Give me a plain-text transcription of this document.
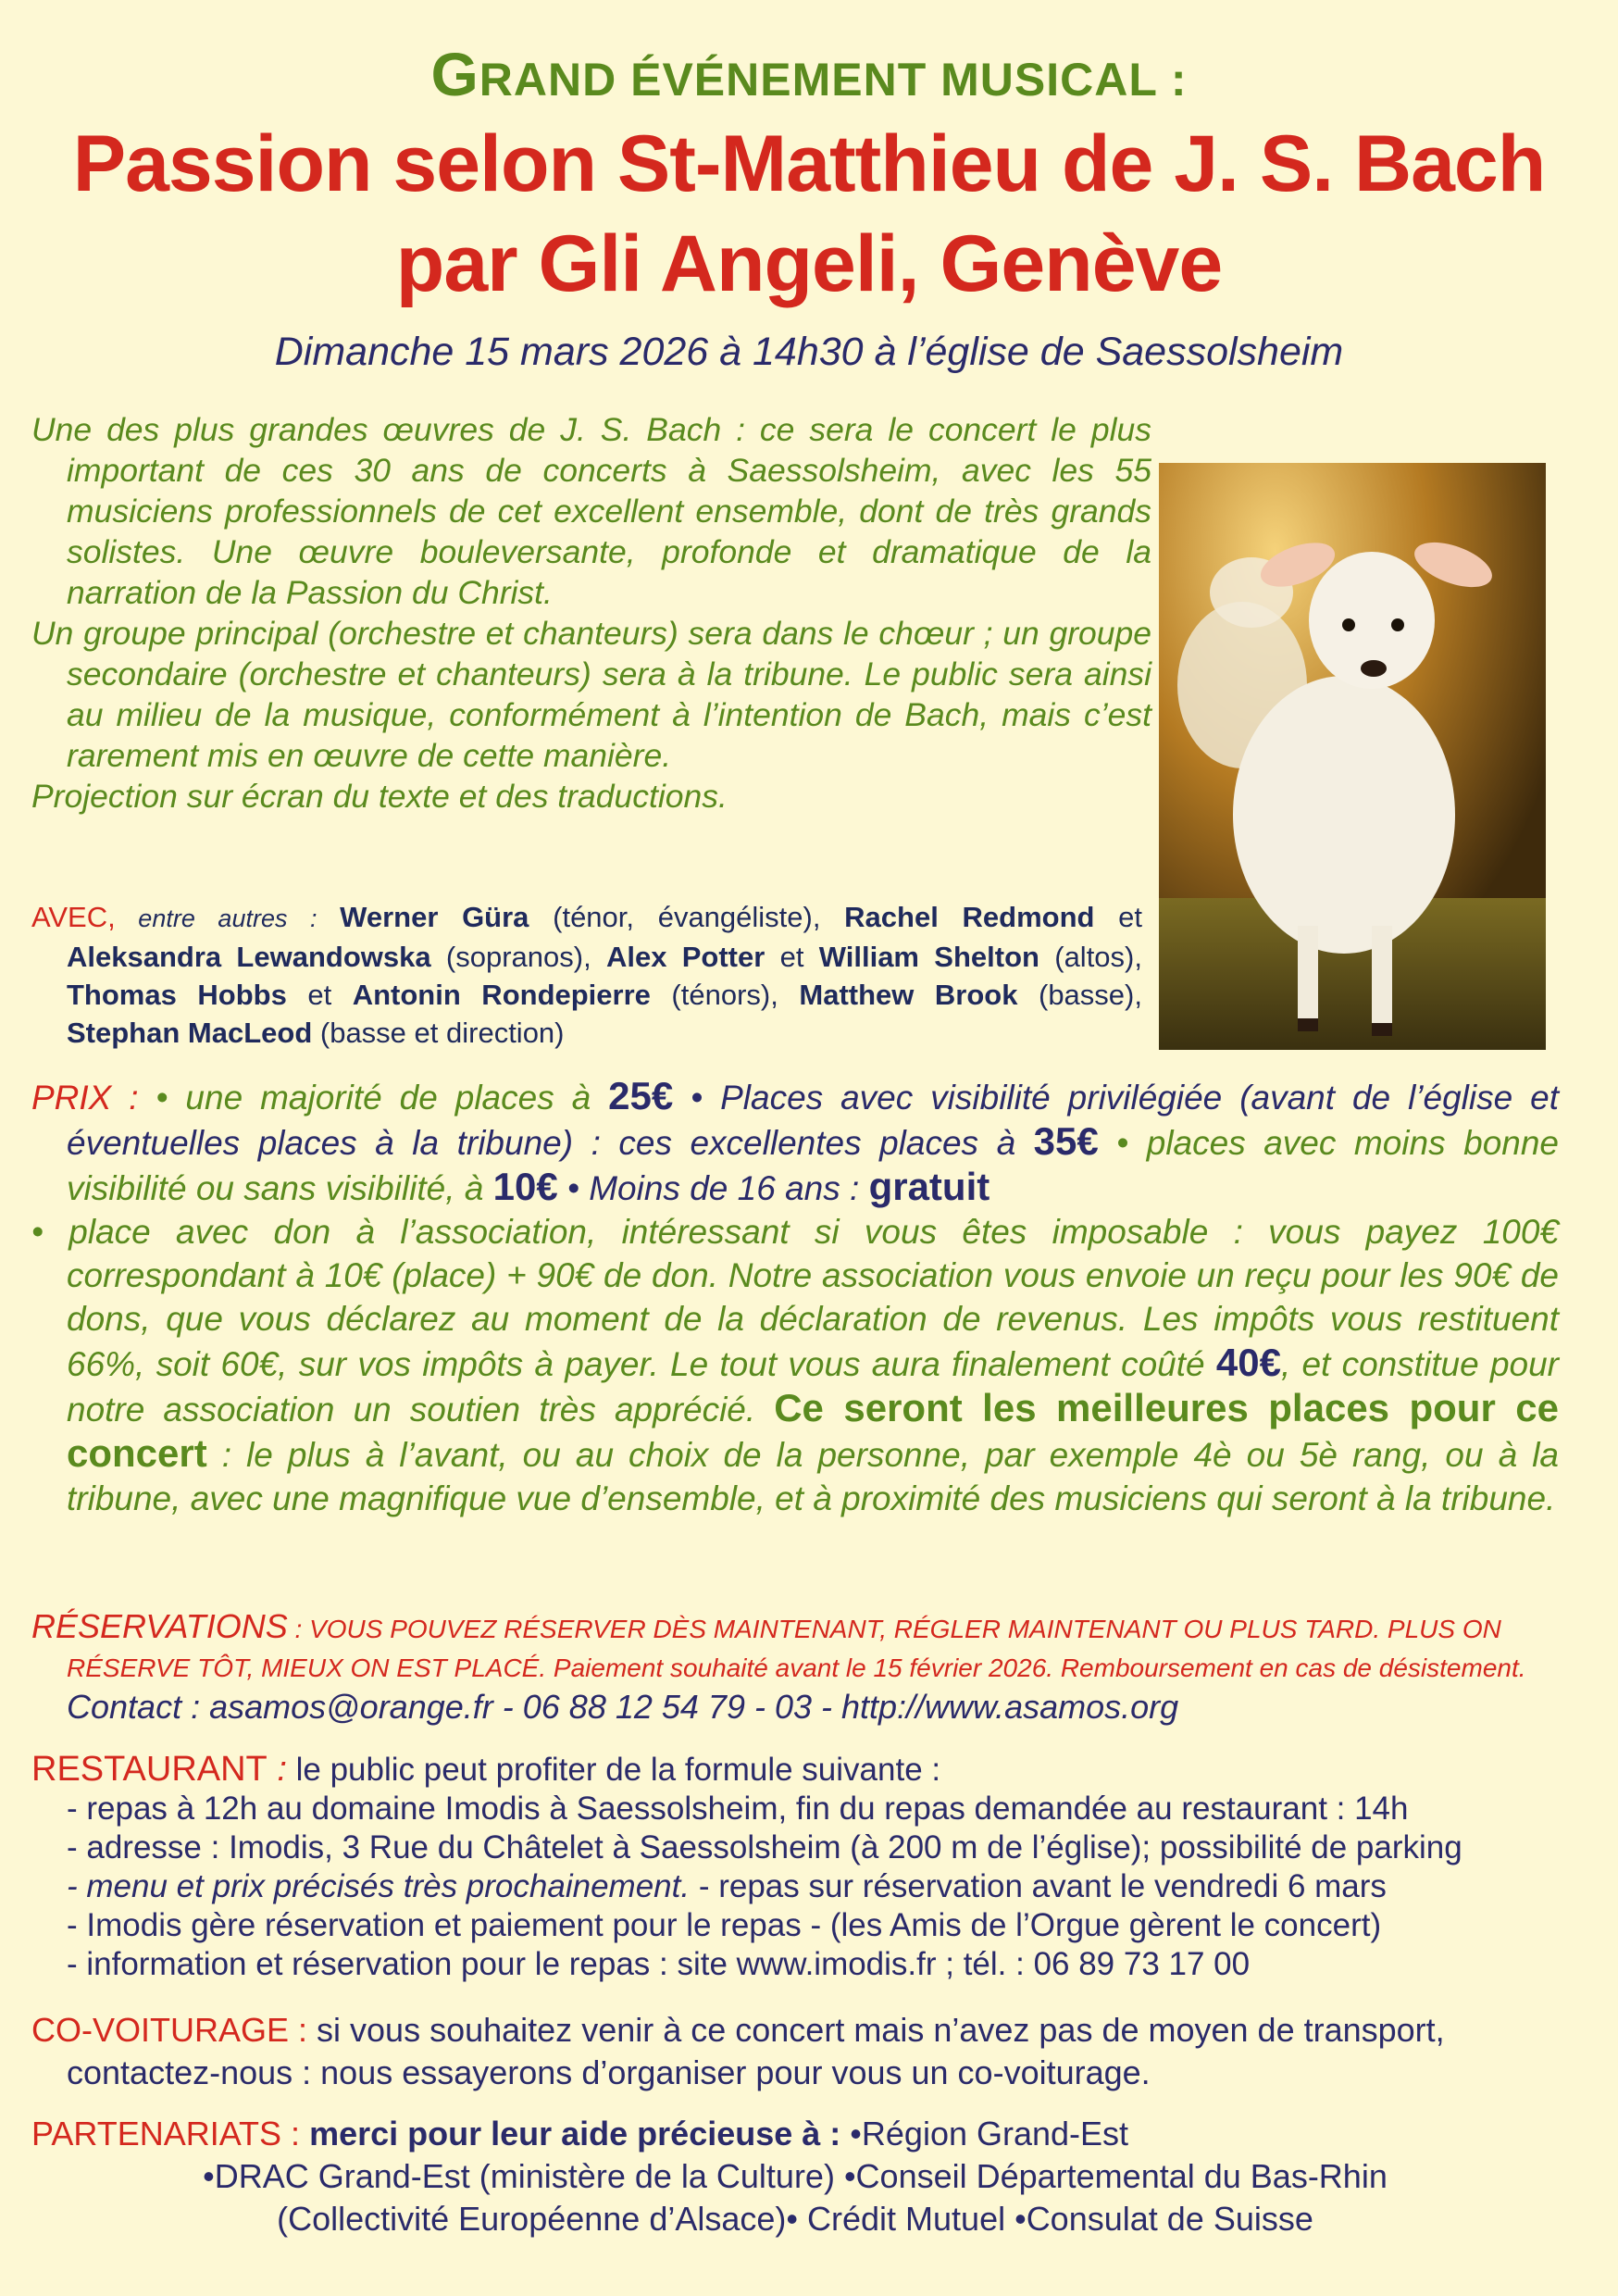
GRAND ÉVÉNEMENT MUSICAL :
Passion selon St-Matthieu de J. S. Bach
par Gli Angeli, Genève
Dimanche 15 mars 2026 à 14h30 à l’église de Saessolsheim

Une des plus grandes œuvres de J. S. Bach : ce sera le concert le plus important de ces 30 ans de concerts à Saessolsheim, avec les 55 musiciens professionnels de cet excellent ensemble, dont de très grands solistes. Une œuvre bouleversante, profonde et dramatique de la narration de la Passion du Christ.

Un groupe principal (orchestre et chanteurs) sera dans le chœur ; un groupe secondaire (orchestre et chanteurs) sera à la tribune. Le public sera ainsi au milieu de la musique, conformément à l’intention de Bach, mais c’est rarement mis en œuvre de cette manière.

Projection sur écran du texte et des traductions.

AVEC, entre autres : Werner Güra (ténor, évangéliste), Rachel Redmond et Aleksandra Lewandowska (sopranos), Alex Potter et William Shelton (altos), Thomas Hobbs et Antonin Rondepierre (ténors), Matthew Brook (basse), Stephan MacLeod (basse et direction)

PRIX : • une majorité de places à 25€ • Places avec visibilité privilégiée (avant de l’église et éventuelles places à la tribune) : ces excellentes places à 35€ • places avec moins bonne visibilité ou sans visibilité, à 10€ • Moins de 16 ans : gratuit

• place avec don à l’association, intéressant si vous êtes imposable : vous payez 100€ correspondant à 10€ (place) + 90€ de don. Notre association vous envoie un reçu pour les 90€ de dons, que vous déclarez au moment de la déclaration de revenus. Les impôts vous restituent 66%, soit 60€, sur vos impôts à payer. Le tout vous aura finalement coûté 40€, et constitue pour notre association un soutien très apprécié. Ce seront les meilleures places pour ce concert : le plus à l’avant, ou au choix de la personne, par exemple 4è ou 5è rang, ou à la tribune, avec une magnifique vue d’ensemble, et à proximité des musiciens qui seront à la tribune.

RÉSERVATIONS : VOUS POUVEZ RÉSERVER DÈS MAINTENANT, RÉGLER MAINTENANT OU PLUS TARD. PLUS ON RÉSERVE TÔT, MIEUX ON EST PLACÉ. Paiement souhaité avant le 15 février 2026. Remboursement en cas de désistement. Contact : asamos@orange.fr - 06 88 12 54 79 - 03 - http://www.asamos.org

RESTAURANT : le public peut profiter de la formule suivante :
- repas à 12h au domaine Imodis à Saessolsheim, fin du repas demandée au restaurant : 14h
- adresse : Imodis, 3 Rue du Châtelet à Saessolsheim (à 200 m de l’église); possibilité de parking
- menu et prix précisés très prochainement. - repas sur réservation avant le vendredi 6 mars
- Imodis gère réservation et paiement pour le repas - (les Amis de l’Orgue gèrent le concert)
- information et réservation pour le repas : site www.imodis.fr ; tél. : 06 89 73 17 00

CO-VOITURAGE : si vous souhaitez venir à ce concert mais n’avez pas de moyen de transport, contactez-nous : nous essayerons d’organiser pour vous un co-voiturage.

PARTENARIATS : merci pour leur aide précieuse à : •Région Grand-Est
•DRAC Grand-Est (ministère de la Culture) •Conseil Départemental du Bas-Rhin
(Collectivité Européenne d’Alsace)• Crédit Mutuel •Consulat de Suisse
